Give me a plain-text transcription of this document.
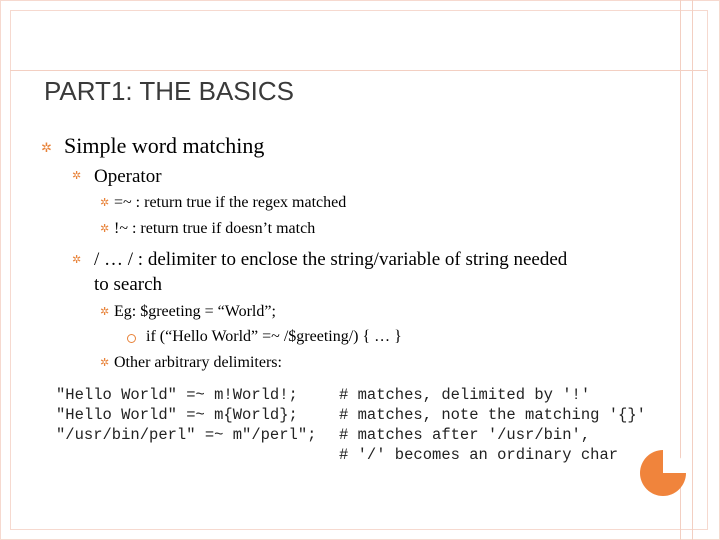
PART1: THE BASICS
✲ Simple word matching
✲ Operator
✲ =~ : return true if the regex matched
✲ !~ : return true if doesn’t match
✲ / … / : delimiter to enclose the string/variable of string needed
to search
✲ Eg: $greeting = “World”;
if (“Hello World” =~ /$greeting/) { … }
✲ Other arbitrary delimiters:
"Hello World" =~ m!World!;	# matches, delimited by '!'
"Hello World" =~ m{World};	# matches, note the matching '{}'
"/usr/bin/perl" =~ m"/perl"; # matches after '/usr/bin',
# '/' becomes an ordinary char
